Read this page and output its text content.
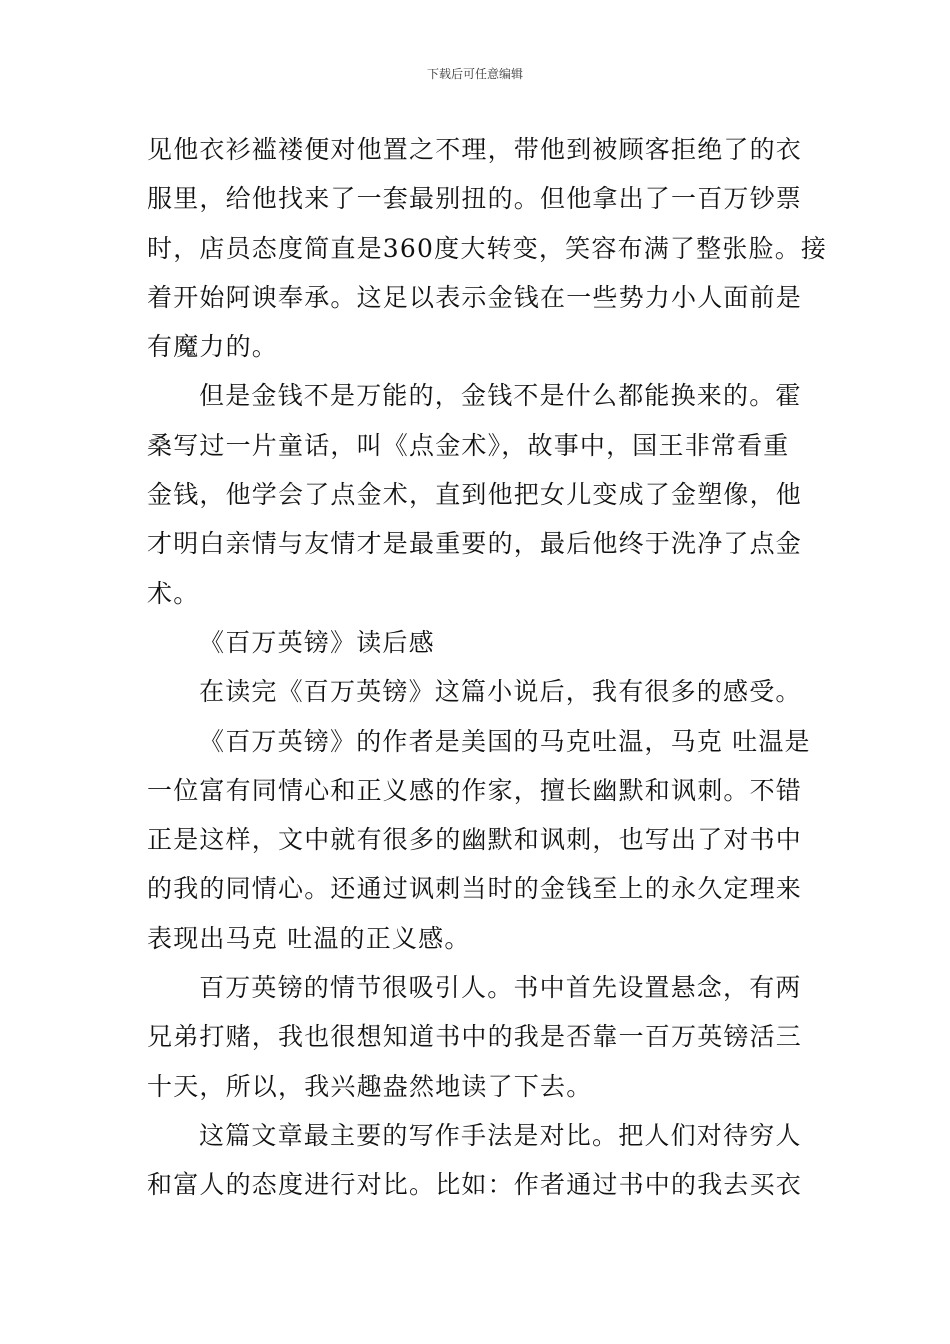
下载后可任意编辑

见他衣衫褴褛便对他置之不理，带他到被顾客拒绝了的衣
服里，给他找来了一套最别扭的。但他拿出了一百万钞票
时，店员态度简直是360度大转变，笑容布满了整张脸。接
着开始阿谀奉承。这足以表示金钱在一些势力小人面前是
有魔力的。

但是金钱不是万能的，金钱不是什么都能换来的。霍
桑写过一片童话，叫《点金术》，故事中，国王非常看重
金钱，他学会了点金术，直到他把女儿变成了金塑像，他
才明白亲情与友情才是最重要的，最后他终于洗净了点金
术。

《百万英镑》读后感

在读完《百万英镑》这篇小说后，我有很多的感受。

《百万英镑》的作者是美国的马克吐温，马克 吐温是
一位富有同情心和正义感的作家，擅长幽默和讽刺。不错
正是这样，文中就有很多的幽默和讽刺，也写出了对书中
的我的同情心。还通过讽刺当时的金钱至上的永久定理来
表现出马克 吐温的正义感。

百万英镑的情节很吸引人。书中首先设置悬念，有两
兄弟打赌，我也很想知道书中的我是否靠一百万英镑活三
十天，所以，我兴趣盎然地读了下去。

这篇文章最主要的写作手法是对比。把人们对待穷人
和富人的态度进行对比。比如：作者通过书中的我去买衣
